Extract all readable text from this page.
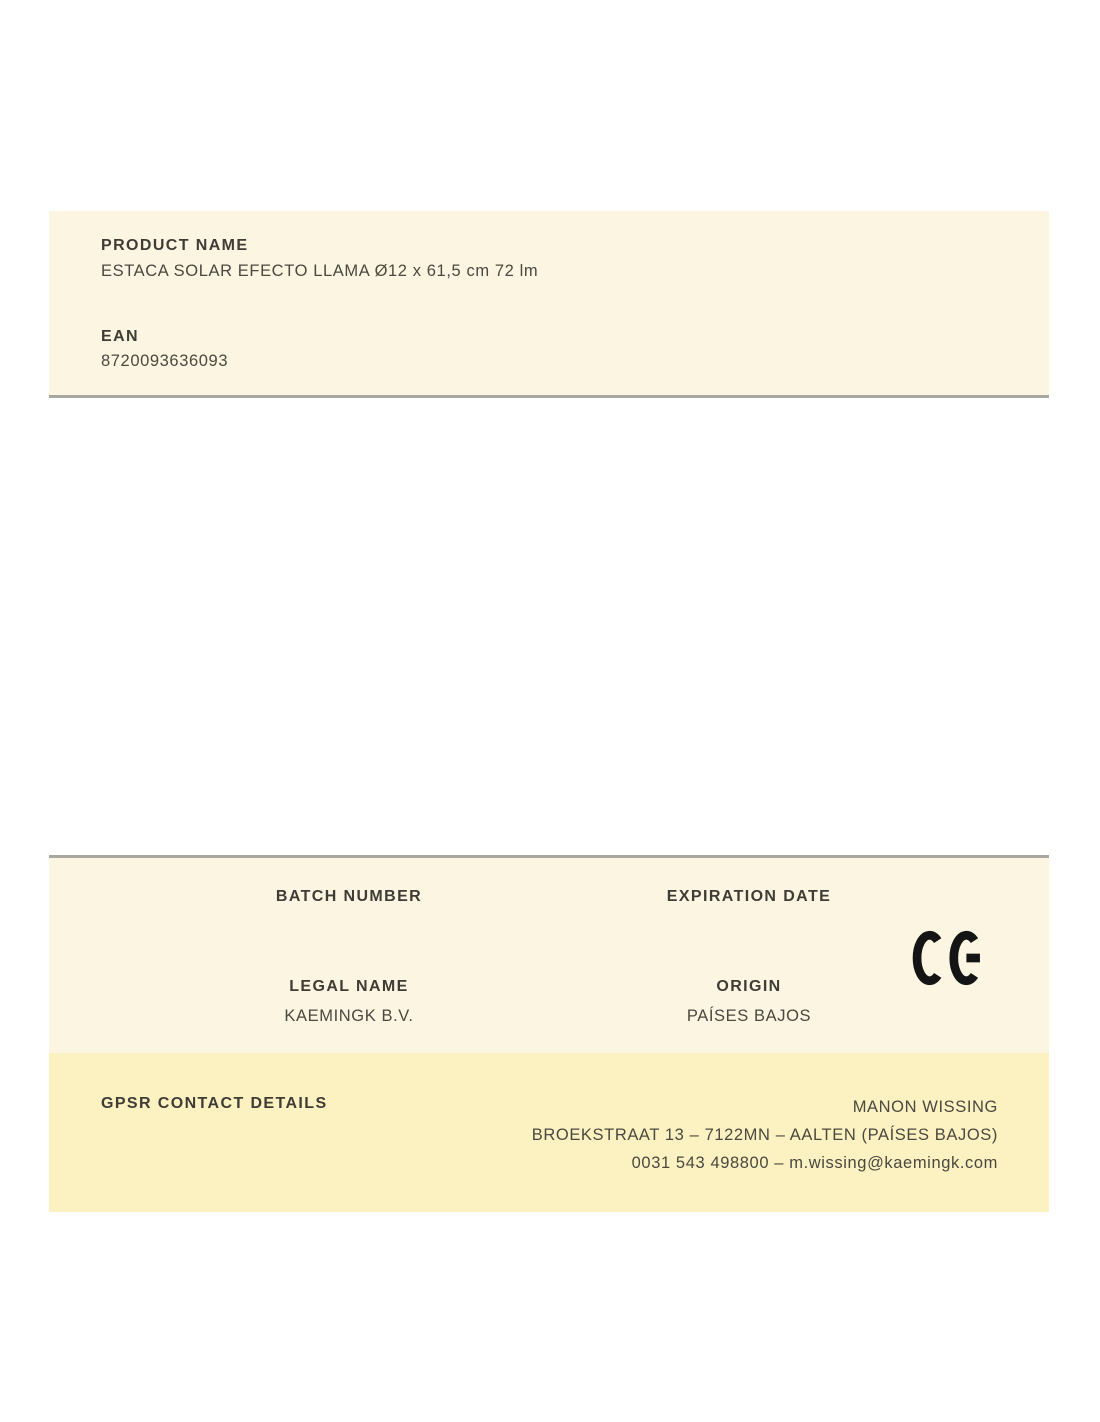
PRODUCT NAME
ESTACA SOLAR EFECTO LLAMA Ø12 x 61,5 cm 72 lm
EAN
8720093636093
BATCH NUMBER	EXPIRATION DATE
LEGAL NAME
KAEMINGK B.V.
ORIGIN
PAÍSES BAJOS
GPSR CONTACT DETAILS	MANON WISSING
BROEKSTRAAT 13 – 7122MN – AALTEN (PAÍSES BAJOS)
0031 543 498800 – m.wissing@kaemingk.com
